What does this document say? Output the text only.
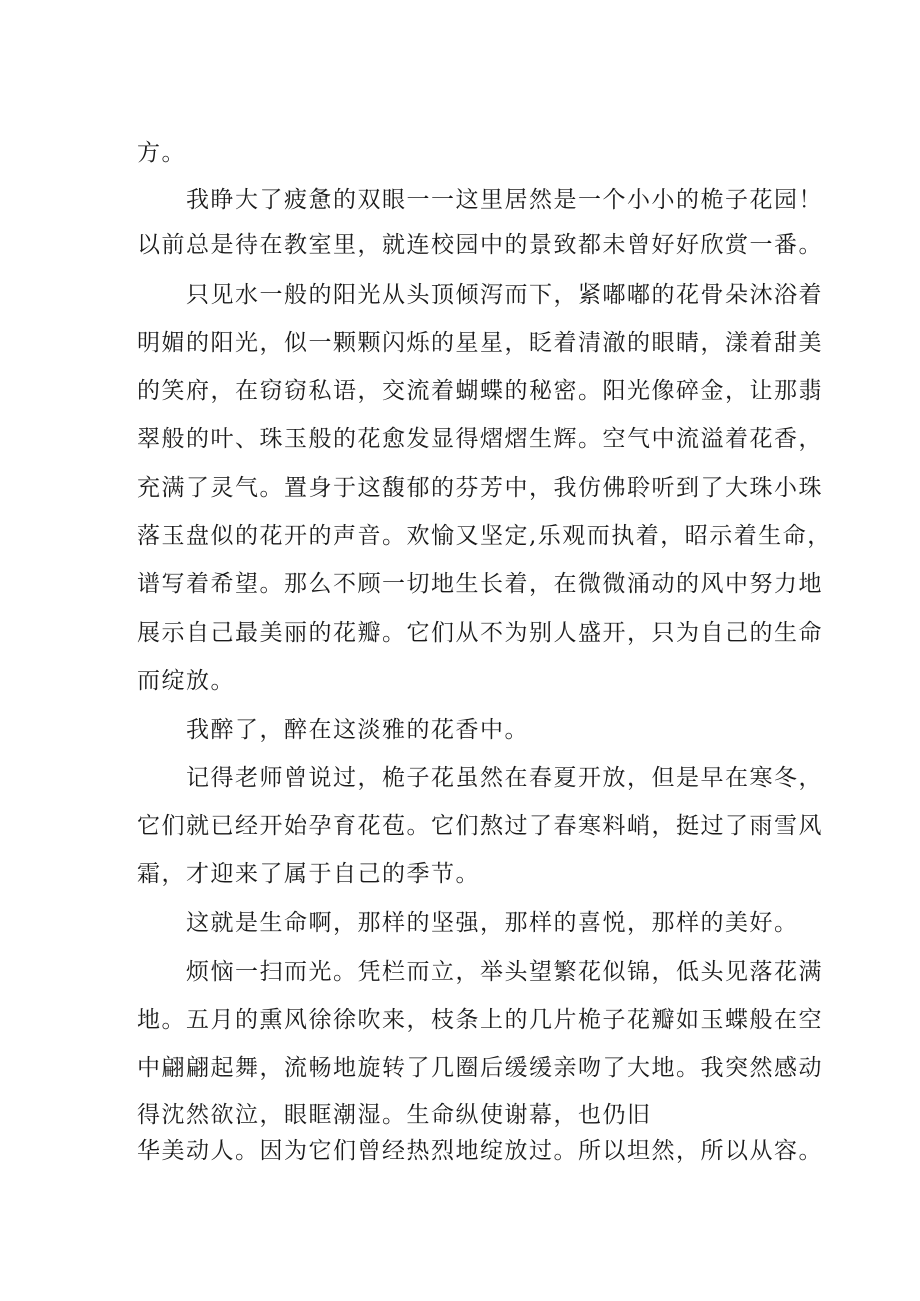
方。
我睁大了疲惫的双眼一一这里居然是一个小小的桅子花园！
以前总是待在教室里，就连校园中的景致都未曾好好欣赏一番。
只见水一般的阳光从头顶倾泻而下，紧嘟嘟的花骨朵沐浴着
明媚的阳光，似一颗颗闪烁的星星，眨着清澈的眼睛，漾着甜美
的笑府，在窃窃私语，交流着蝴蝶的秘密。阳光像碎金，让那翡
翠般的叶、珠玉般的花愈发显得熠熠生辉。空气中流溢着花香，
充满了灵气。置身于这馥郁的芬芳中，我仿佛聆听到了大珠小珠
落玉盘似的花开的声音。欢愉又坚定,乐观而执着，昭示着生命，
谱写着希望。那么不顾一切地生长着，在微微涌动的风中努力地
展示自己最美丽的花瓣。它们从不为别人盛开，只为自己的生命
而绽放。
我醉了，醉在这淡雅的花香中。
记得老师曾说过，桅子花虽然在春夏开放，但是早在寒冬，
它们就已经开始孕育花苞。它们熬过了春寒料峭，挺过了雨雪风
霜，才迎来了属于自己的季节。
这就是生命啊，那样的坚强，那样的喜悦，那样的美好。
烦恼一扫而光。凭栏而立，举头望繁花似锦，低头见落花满
地。五月的熏风徐徐吹来，枝条上的几片桅子花瓣如玉蝶般在空
中翩翩起舞，流畅地旋转了几圈后缓缓亲吻了大地。我突然感动
得沈然欲泣，眼眶潮湿。生命纵使谢幕，也仍旧
华美动人。因为它们曾经热烈地绽放过。所以坦然，所以从容。
